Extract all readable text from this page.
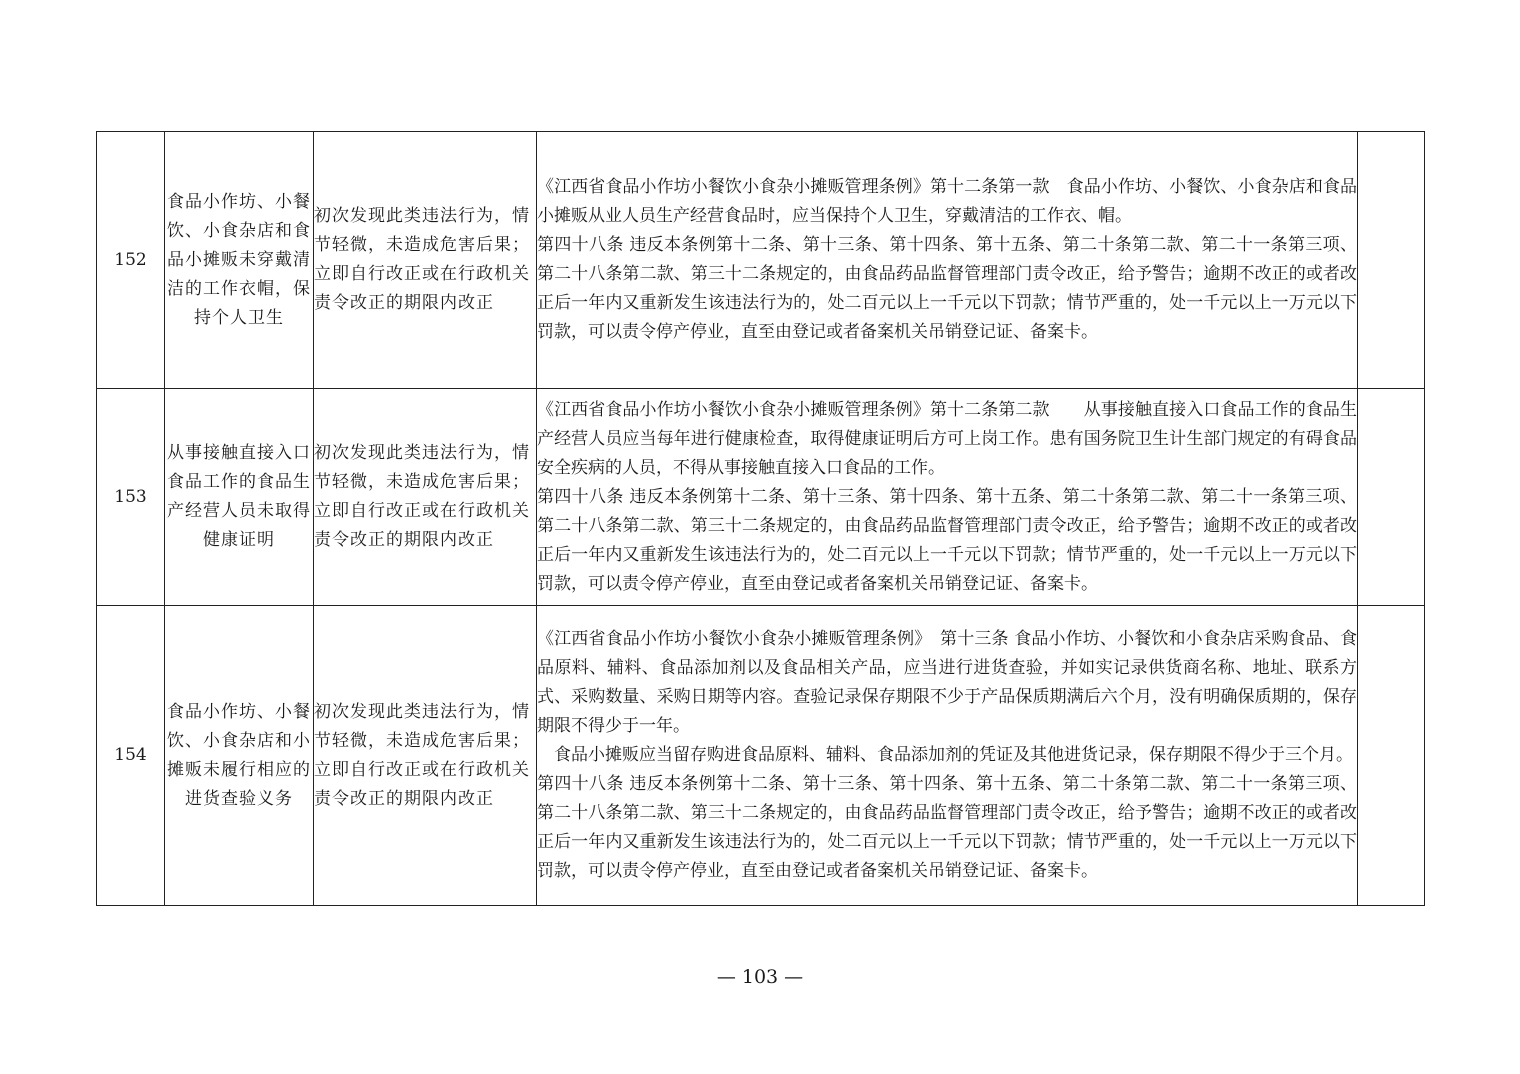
152	食品小作坊、小餐饮、小食杂店和食品小摊贩未穿戴清洁的工作衣帽，保持个人卫生	初次发现此类违法行为，情节轻微，未造成危害后果；立即自行改正或在行政机关责令改正的期限内改正	《江西省食品小作坊小餐饮小食杂小摊贩管理条例》第十二条第一款　食品小作坊、小餐饮、小食杂店和食品小摊贩从业人员生产经营食品时，应当保持个人卫生，穿戴清洁的工作衣、帽。

第四十八条 违反本条例第十二条、第十三条、第十四条、第十五条、第二十条第二款、第二十一条第三项、第二十八条第二款、第三十二条规定的，由食品药品监督管理部门责令改正，给予警告；逾期不改正的或者改正后一年内又重新发生该违法行为的，处二百元以上一千元以下罚款；情节严重的，处一千元以上一万元以下罚款，可以责令停产停业，直至由登记或者备案机关吊销登记证、备案卡。	

153	从事接触直接入口食品工作的食品生产经营人员未取得健康证明	初次发现此类违法行为，情节轻微，未造成危害后果；立即自行改正或在行政机关责令改正的期限内改正	《江西省食品小作坊小餐饮小食杂小摊贩管理条例》第十二条第二款　　从事接触直接入口食品工作的食品生产经营人员应当每年进行健康检查，取得健康证明后方可上岗工作。患有国务院卫生计生部门规定的有碍食品安全疾病的人员，不得从事接触直接入口食品的工作。

第四十八条 违反本条例第十二条、第十三条、第十四条、第十五条、第二十条第二款、第二十一条第三项、第二十八条第二款、第三十二条规定的，由食品药品监督管理部门责令改正，给予警告；逾期不改正的或者改正后一年内又重新发生该违法行为的，处二百元以上一千元以下罚款；情节严重的，处一千元以上一万元以下罚款，可以责令停产停业，直至由登记或者备案机关吊销登记证、备案卡。	

154	食品小作坊、小餐饮、小食杂店和小摊贩未履行相应的进货查验义务	初次发现此类违法行为，情节轻微，未造成危害后果；立即自行改正或在行政机关责令改正的期限内改正	《江西省食品小作坊小餐饮小食杂小摊贩管理条例》　第十三条 食品小作坊、小餐饮和小食杂店采购食品、食品原料、辅料、食品添加剂以及食品相关产品，应当进行进货查验，并如实记录供货商名称、地址、联系方式、采购数量、采购日期等内容。查验记录保存期限不少于产品保质期满后六个月，没有明确保质期的，保存期限不得少于一年。

食品小摊贩应当留存购进食品原料、辅料、食品添加剂的凭证及其他进货记录，保存期限不得少于三个月。

第四十八条 违反本条例第十二条、第十三条、第十四条、第十五条、第二十条第二款、第二十一条第三项、第二十八条第二款、第三十二条规定的，由食品药品监督管理部门责令改正，给予警告；逾期不改正的或者改正后一年内又重新发生该违法行为的，处二百元以上一千元以下罚款；情节严重的，处一千元以上一万元以下罚款，可以责令停产停业，直至由登记或者备案机关吊销登记证、备案卡。	

— 103 —
